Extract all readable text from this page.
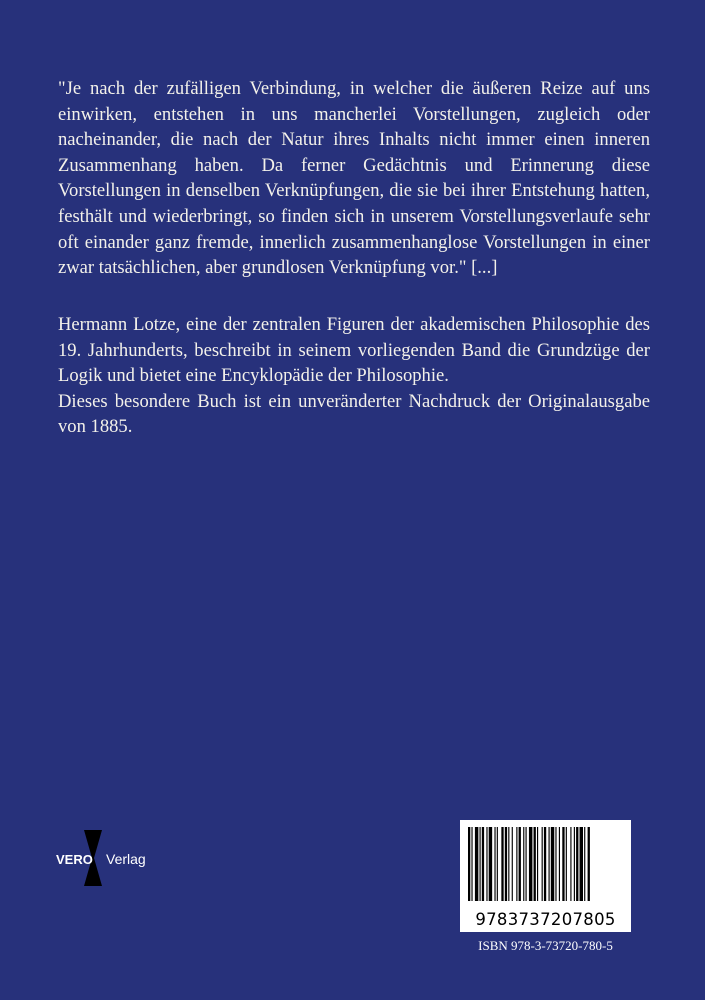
"Je nach der zufälligen Verbindung, in welcher die äußeren Reize auf uns einwirken, entstehen in uns mancherlei Vorstellungen, zugleich oder nacheinander, die nach der Natur ihres Inhalts nicht immer einen inneren Zusammenhang haben. Da ferner Gedächtnis und Erinnerung diese Vorstellungen in denselben Verknüpfungen, die sie bei ihrer Entstehung hatten, festhält und wiederbringt, so finden sich in unserem Vorstellungsverlaufe sehr oft einander ganz fremde, innerlich zusammenhanglose Vorstellungen in einer zwar tatsächlichen, aber grundlosen Verknüpfung vor." [...]

Hermann Lotze, eine der zentralen Figuren der akademischen Philosophie des 19. Jahrhunderts, beschreibt in seinem vorliegenden Band die Grundzüge der Logik und bietet eine Encyklopädie der Philosophie.

Dieses besondere Buch ist ein unveränderter Nachdruck der Originalausgabe von 1885.

VERO Verlag
9783737207805
ISBN 978-3-73720-780-5
